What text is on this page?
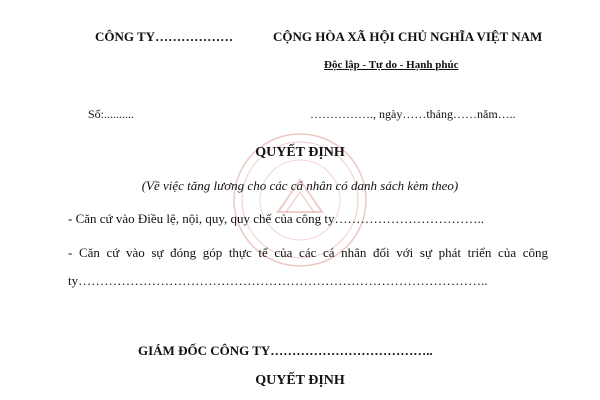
CÔNG TY………………	CỘNG HÒA XÃ HỘI CHỦ NGHĨA VIỆT NAM
Độc lập - Tự do - Hạnh phúc
Số:..........	……………., ngày……tháng……năm…..
QUYẾT ĐỊNH
(Về việc tăng lương cho các cá nhân có danh sách kèm theo)
- Căn cứ vào Điều lệ, nội, quy, quy chế của công ty……………………………..
- Căn cứ vào sự đóng góp thực tế của các cá nhân đối với sự phát triển của công
ty…………………………………………………………………………………..
GIÁM ĐỐC CÔNG TY………………………………..
QUYẾT ĐỊNH
